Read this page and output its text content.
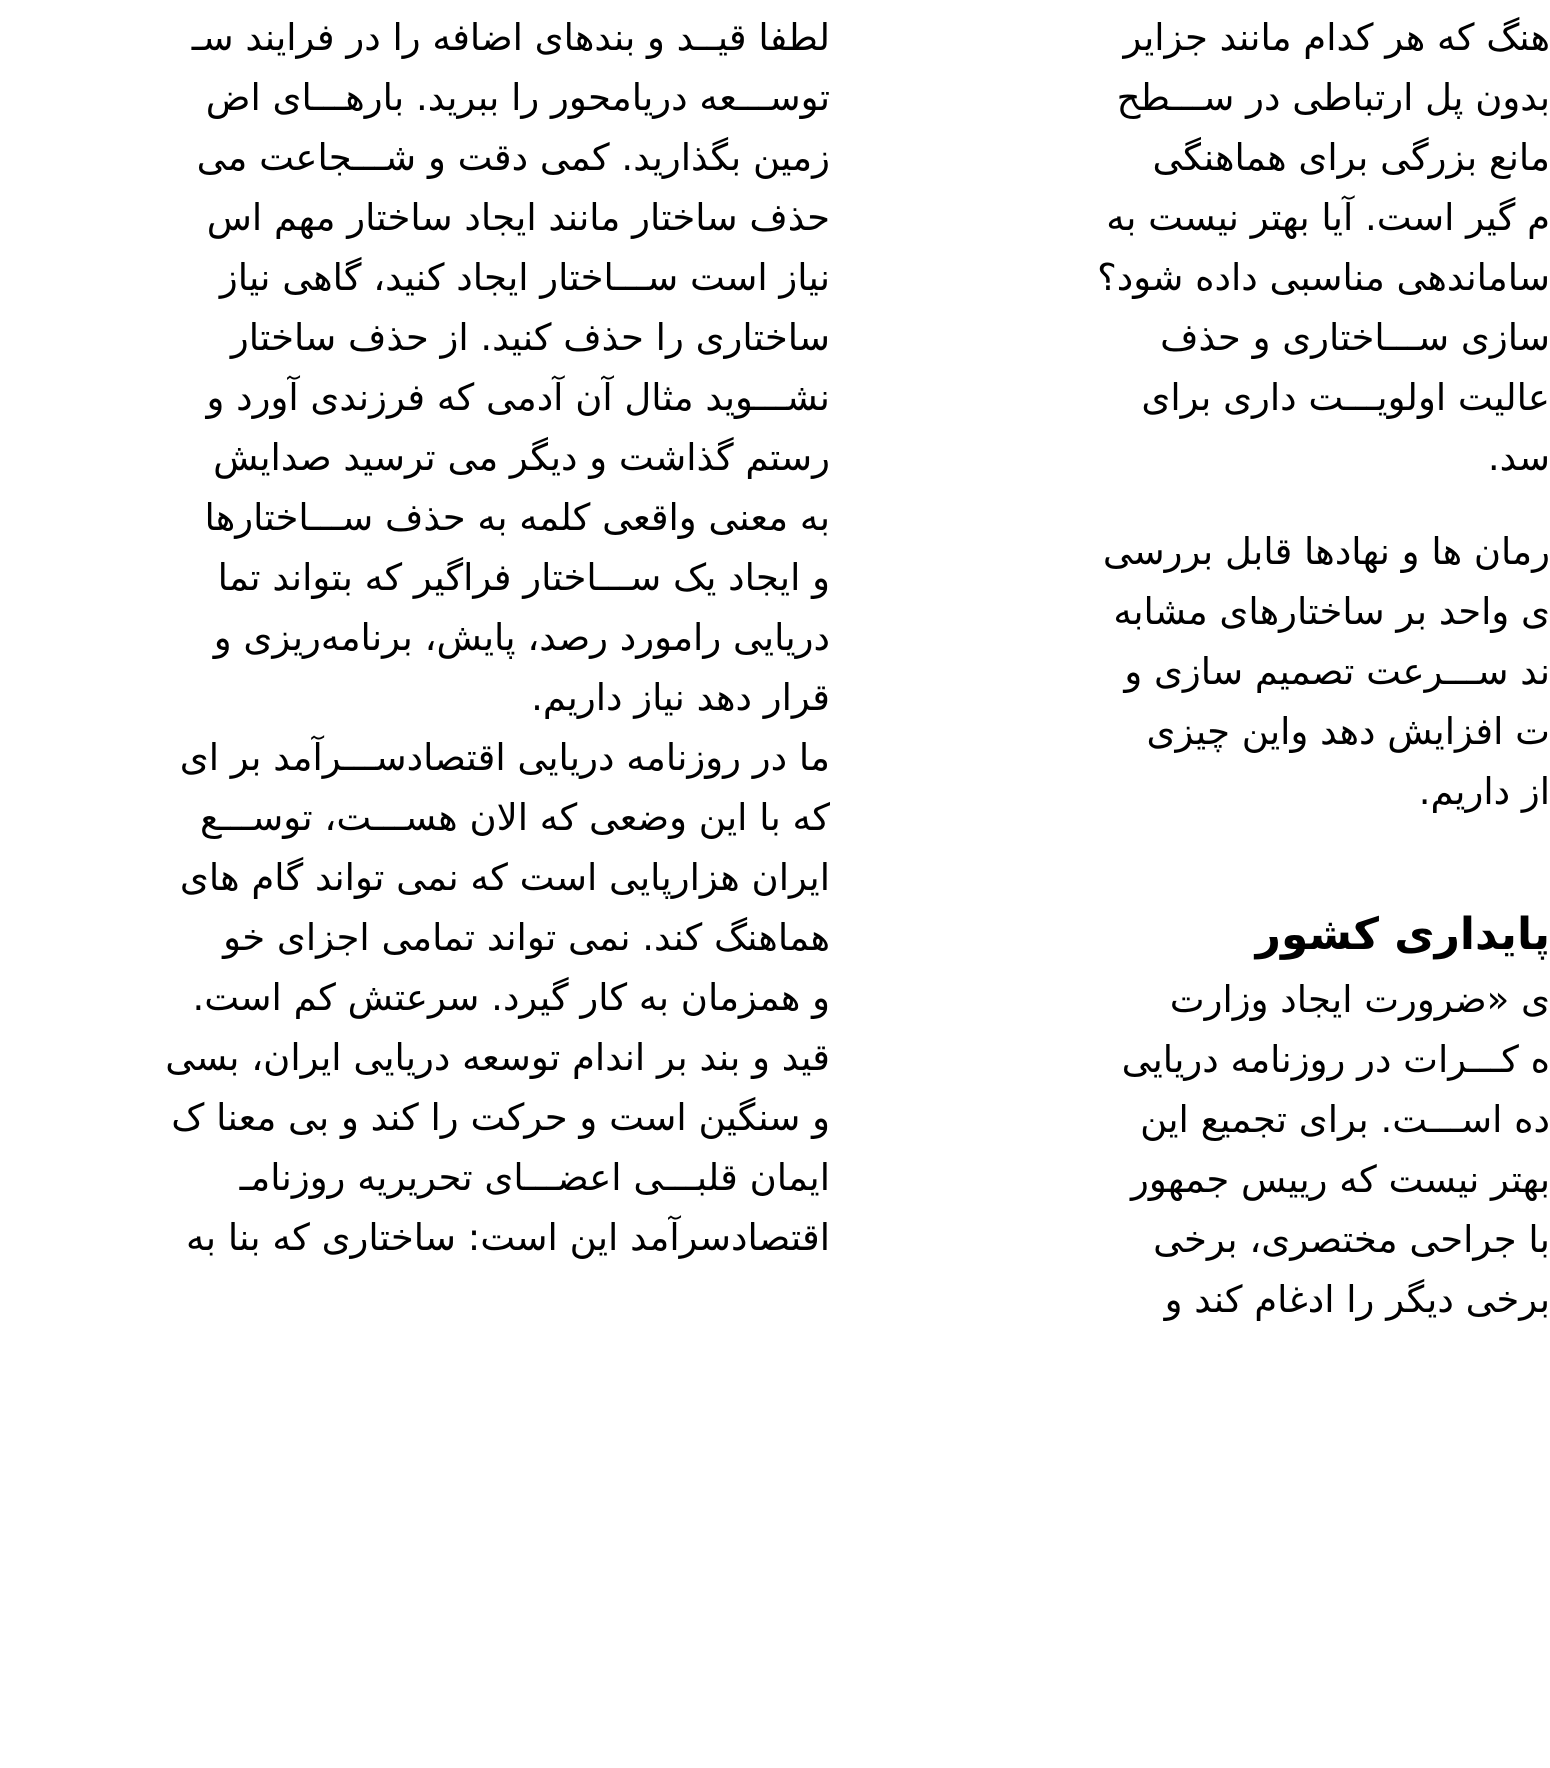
لطفا قیــد و بندهای اضافه را در فرایند سـ
توســـعه دریامحور را ببرید. بارهـــای اض
زمین بگذارید. کمی دقت و شـــجاعت می
حذف ساختار مانند ایجاد ساختار مهم اس
نیاز است ســـاختار ایجاد کنید، گاهی نیاز
ساختاری را حذف کنید. از حذف ساختار
نشـــوید مثال آن آدمی که فرزندی آورد و
رستم گذاشت و دیگر می ترسید صدایش
به معنی واقعی کلمه به حذف ســـاختارها
و ایجاد یک ســـاختار فراگیر که بتواند تما
دریایی رامورد رصد، پایش، برنامه‌ریزی و
قرار دهد نیاز داریم.
ما در روزنامه دریایی اقتصادســـرآمد بر ای
که با این وضعی که الان هســـت، توســـع
ایران هزارپایی است که نمی تواند گام های
هماهنگ کند. نمی تواند تمامی اجزای خو
و همزمان به کار گیرد. سرعتش کم است.
قید و بند بر اندام توسعه دریایی ایران، بسی
و سنگین است و حرکت را کند و بی معنا ک
ایمان قلبـــی اعضـــای تحریریه روزنامـ
اقتصادسرآمد این است: ساختاری که بنا به
هنگ که هر کدام مانند جزایر
بدون پل ارتباطی در ســـطح
مانع بزرگی برای هماهنگی
م گیر است. آیا بهتر نیست به
ساماندهی مناسبی داده شود؟
سازی ســـاختاری و حذف
عالیت اولویـــت داری برای
سد.
رمان ها و نهادها قابل بررسی
ی واحد بر ساختارهای مشابه
ند ســـرعت تصمیم سازی و
ت افزایش دهد واین چیزی
از داریم.
پایداری کشور
ی «ضرورت ایجاد وزارت
ه کـــرات در روزنامه دریایی
ده اســـت. برای تجمیع این
بهتر نیست که رییس جمهور
با جراحی مختصری، برخی
برخی دیگر را ادغام کند و
